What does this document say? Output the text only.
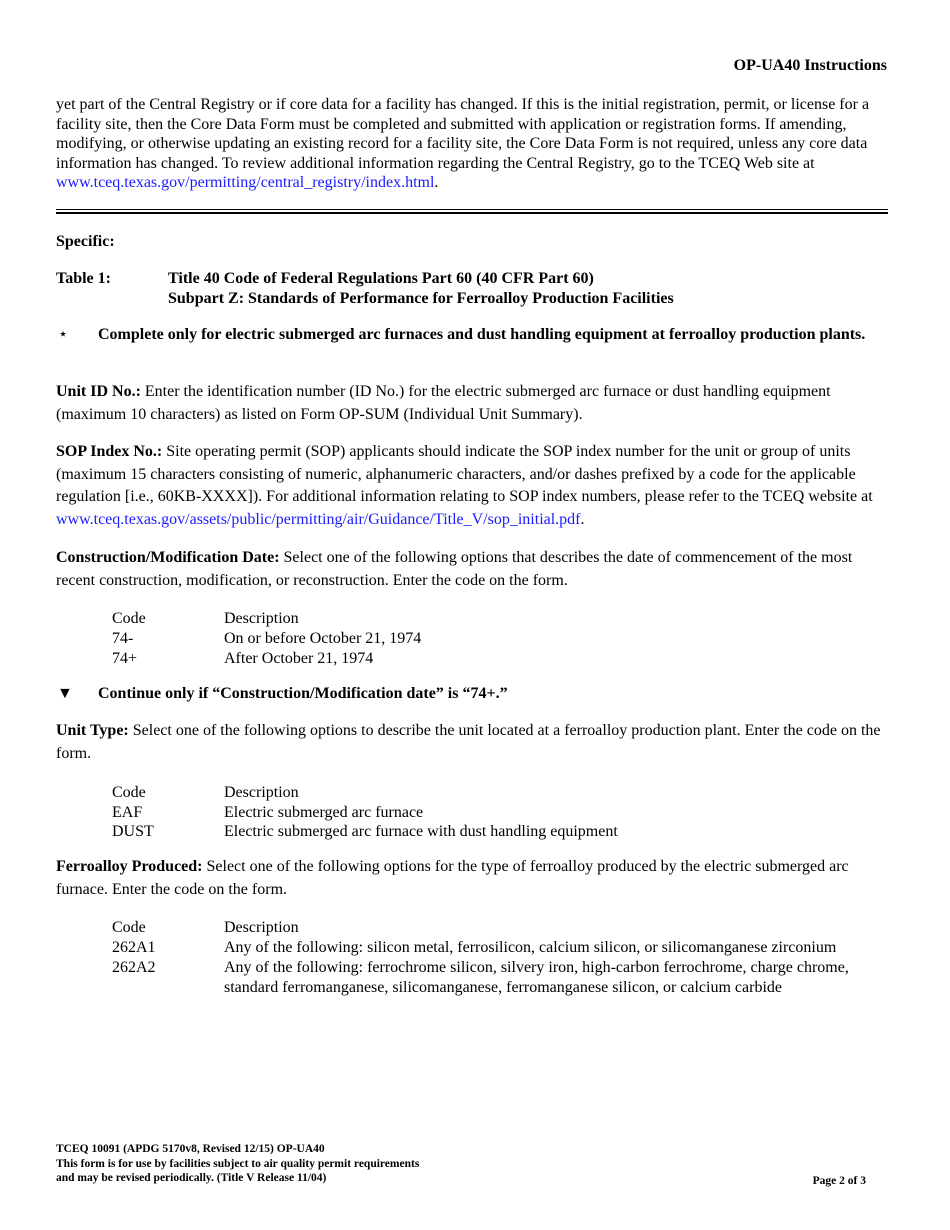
OP-UA40 Instructions
yet part of the Central Registry or if core data for a facility has changed. If this is the initial registration, permit, or license for a facility site, then the Core Data Form must be completed and submitted with application or registration forms. If amending, modifying, or otherwise updating an existing record for a facility site, the Core Data Form is not required, unless any core data information has changed. To review additional information regarding the Central Registry, go to the TCEQ Web site at www.tceq.texas.gov/permitting/central_registry/index.html.
Specific:
Table 1:	Title 40 Code of Federal Regulations Part 60 (40 CFR Part 60)
Subpart Z: Standards of Performance for Ferroalloy Production Facilities
⋆ Complete only for electric submerged arc furnaces and dust handling equipment at ferroalloy production plants.
Unit ID No.: Enter the identification number (ID No.) for the electric submerged arc furnace or dust handling equipment (maximum 10 characters) as listed on Form OP-SUM (Individual Unit Summary).
SOP Index No.: Site operating permit (SOP) applicants should indicate the SOP index number for the unit or group of units (maximum 15 characters consisting of numeric, alphanumeric characters, and/or dashes prefixed by a code for the applicable regulation [i.e., 60KB-XXXX]). For additional information relating to SOP index numbers, please refer to the TCEQ website at www.tceq.texas.gov/assets/public/permitting/air/Guidance/Title_V/sop_initial.pdf.
Construction/Modification Date: Select one of the following options that describes the date of commencement of the most recent construction, modification, or reconstruction. Enter the code on the form.
Code	Description
74-	On or before October 21, 1974
74+	After October 21, 1974
▼ Continue only if “Construction/Modification date” is “74+.”
Unit Type: Select one of the following options to describe the unit located at a ferroalloy production plant. Enter the code on the form.
Code	Description
EAF	Electric submerged arc furnace
DUST	Electric submerged arc furnace with dust handling equipment
Ferroalloy Produced: Select one of the following options for the type of ferroalloy produced by the electric submerged arc furnace. Enter the code on the form.
Code	Description
262A1	Any of the following: silicon metal, ferrosilicon, calcium silicon, or silicomanganese zirconium
262A2	Any of the following: ferrochrome silicon, silvery iron, high-carbon ferrochrome, charge chrome, standard ferromanganese, silicomanganese, ferromanganese silicon, or calcium carbide
TCEQ 10091 (APDG 5170v8, Revised 12/15) OP-UA40
This form is for use by facilities subject to air quality permit requirements
and may be revised periodically. (Title V Release 11/04)	Page 2 of 3
